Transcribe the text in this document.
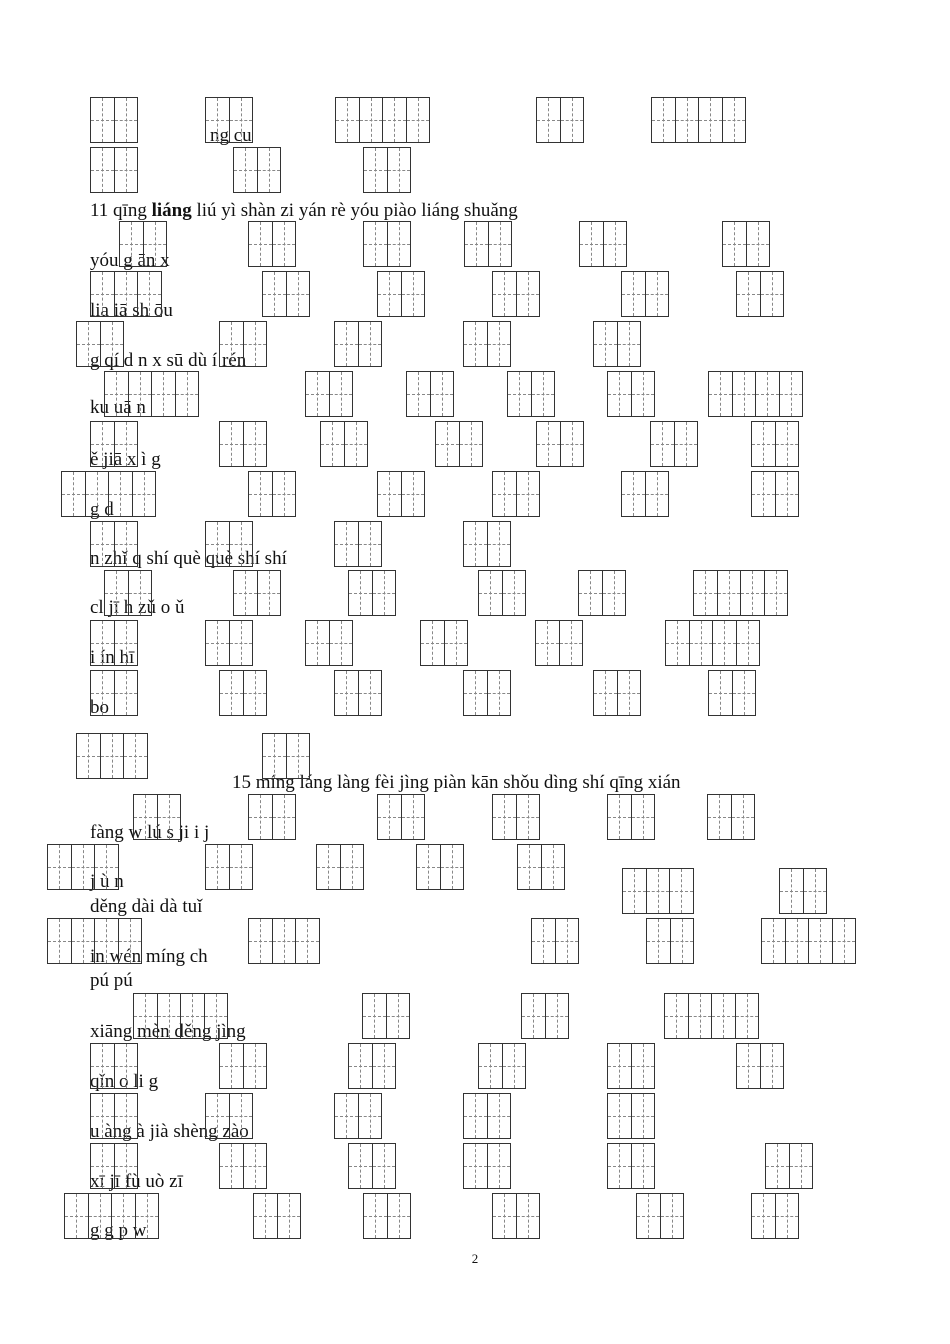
ng cu
11 qīng liáng liú yì shàn zi yán rè yóu piào liáng shuǎng
yóu g ān x
lia iā sh ōu
g qí d n x sū dù í rén
ku uā n
ě jiā x ì g
g d
n zhǐ q shí què què shí shí
cl jī h zǔ o ǔ
i ín hī
bo
15 míng láng làng fèi jìng piàn kān shǒu dìng shí qīng xián
fàng w lú s ji i j
j ù n
děng dài dà tuǐ
in wén míng ch
pú pú
xiāng mèn děng jìng
qǐn o li g
u àng à jià shèng zào
xī jī fù uò zī
g g p w
2
